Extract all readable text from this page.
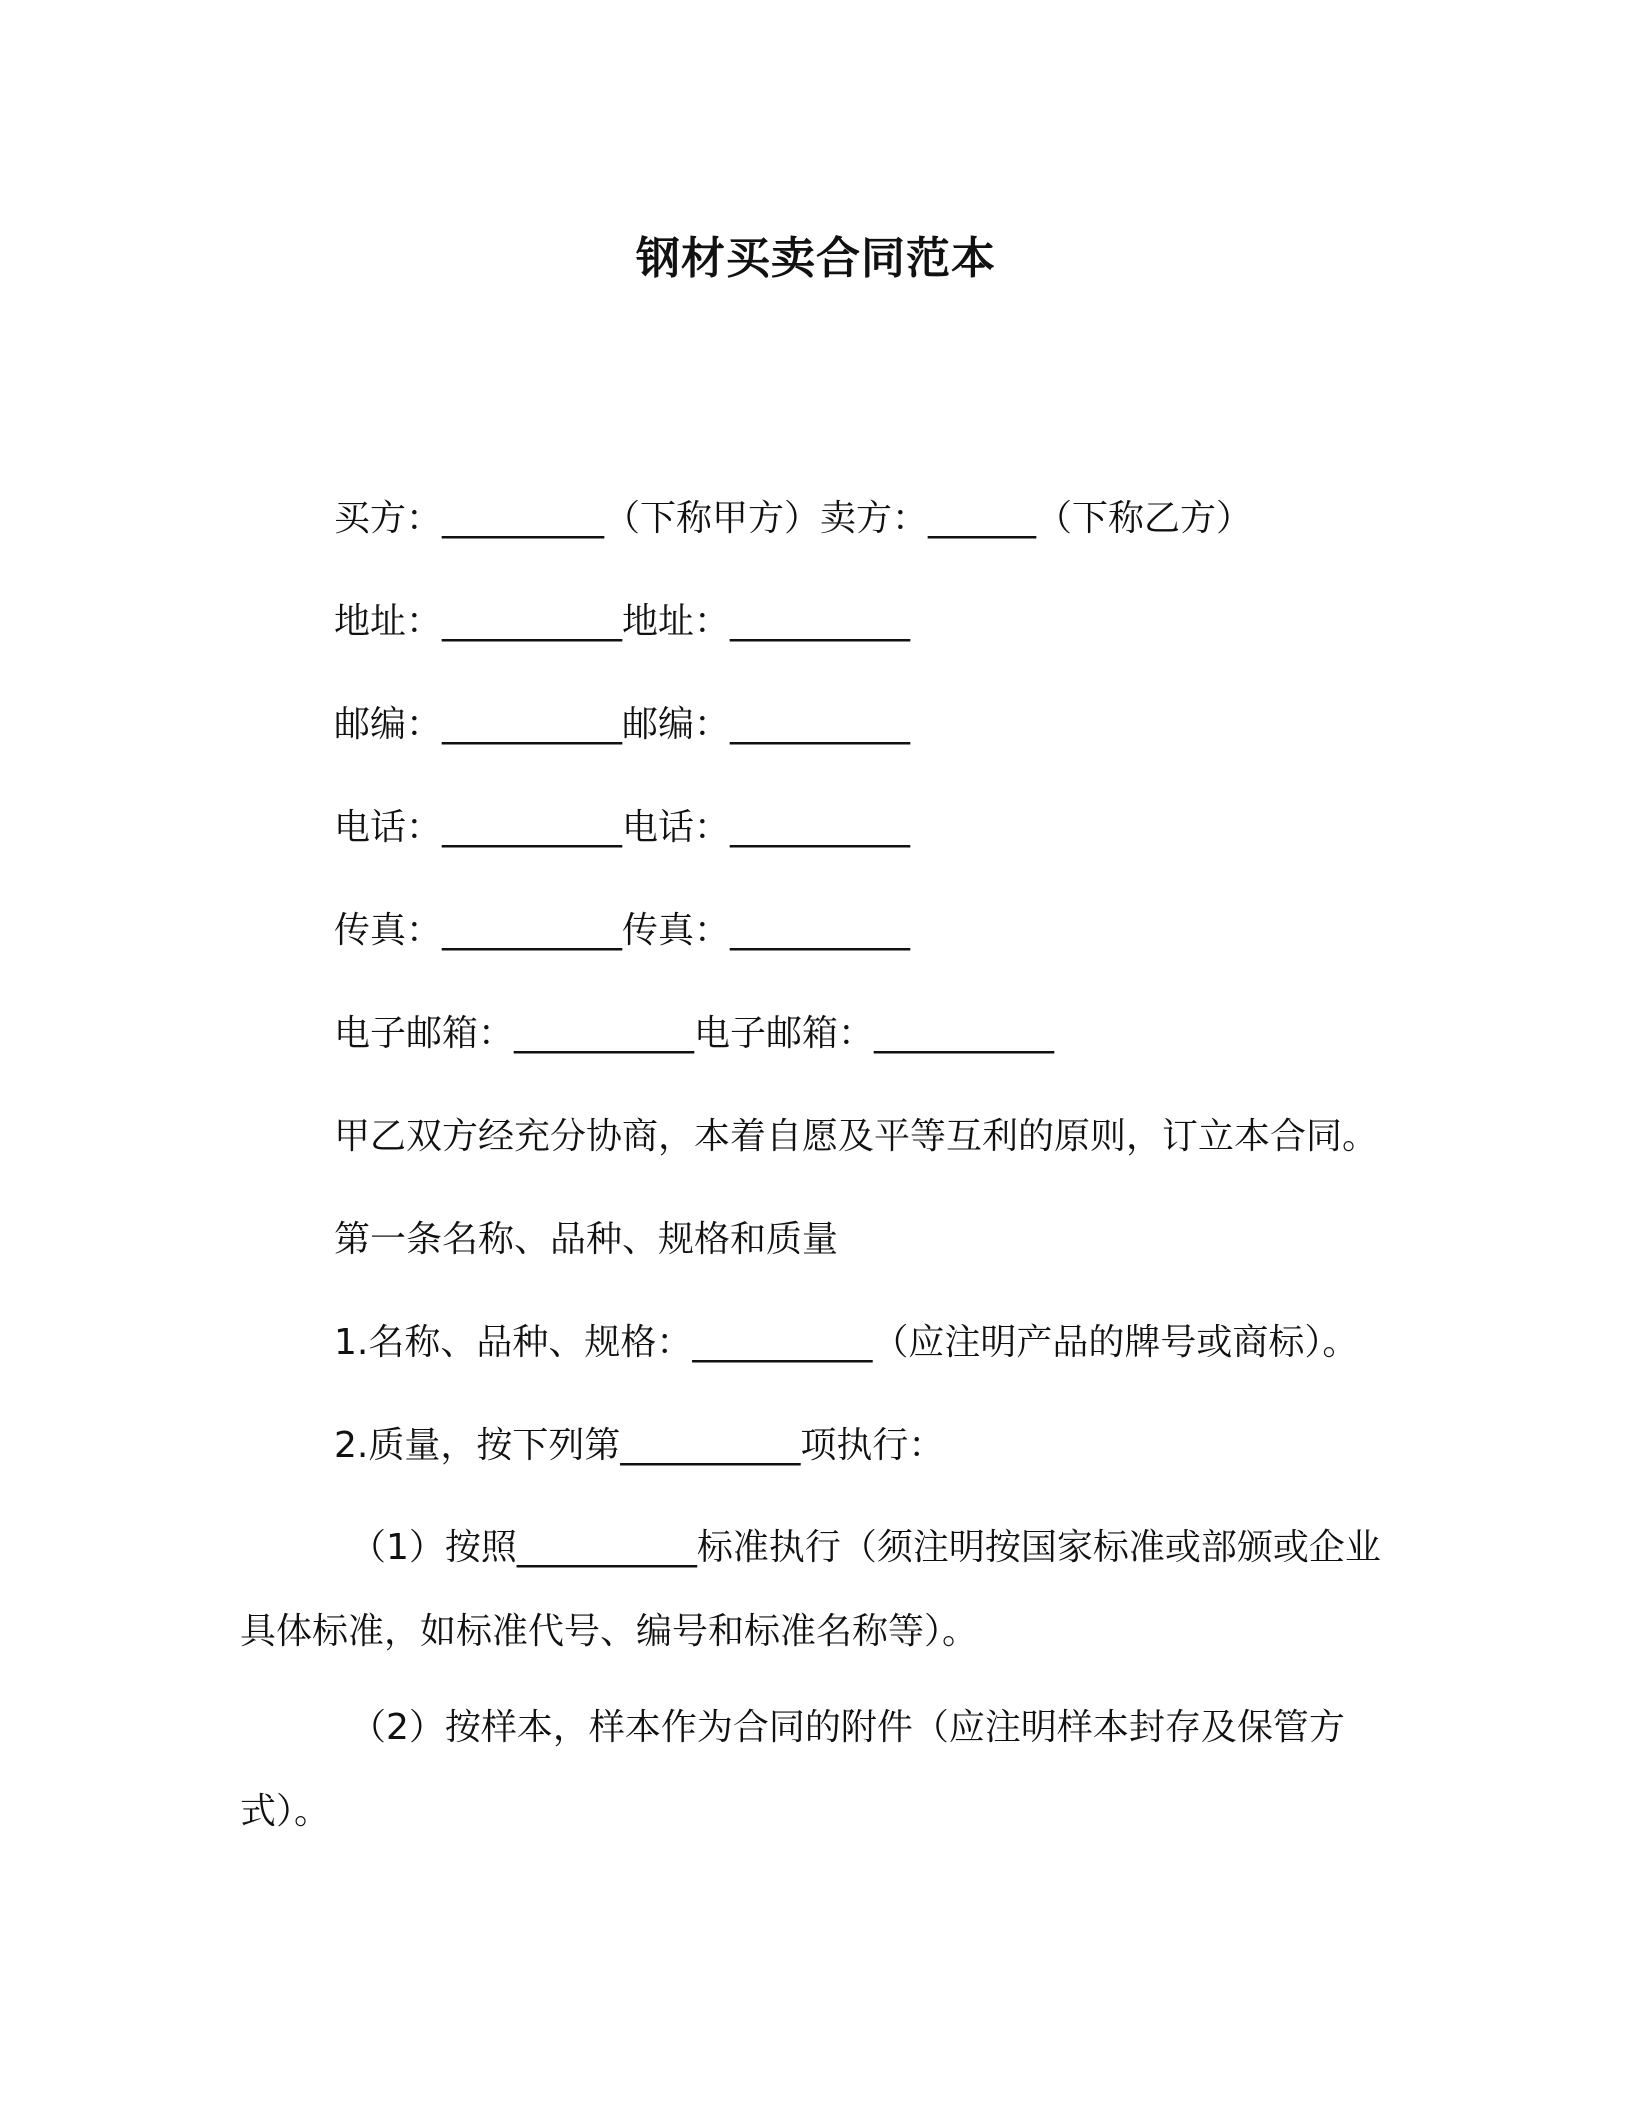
钢材买卖合同范本
买方：_________（下称甲方）卖方：______（下称乙方）
地址：__________地址：__________
邮编：__________邮编：__________
电话：__________电话：__________
传真：__________传真：__________
电子邮箱：__________电子邮箱：__________
甲乙双方经充分协商，本着自愿及平等互利的原则，订立本合同。
第一条名称、品种、规格和质量
1.名称、品种、规格：__________（应注明产品的牌号或商标）。
2.质量，按下列第__________项执行：
（1）按照__________标准执行（须注明按国家标准或部颁或企业具体标准，如标准代号、编号和标准名称等）。
（2）按样本，样本作为合同的附件（应注明样本封存及保管方式）。
